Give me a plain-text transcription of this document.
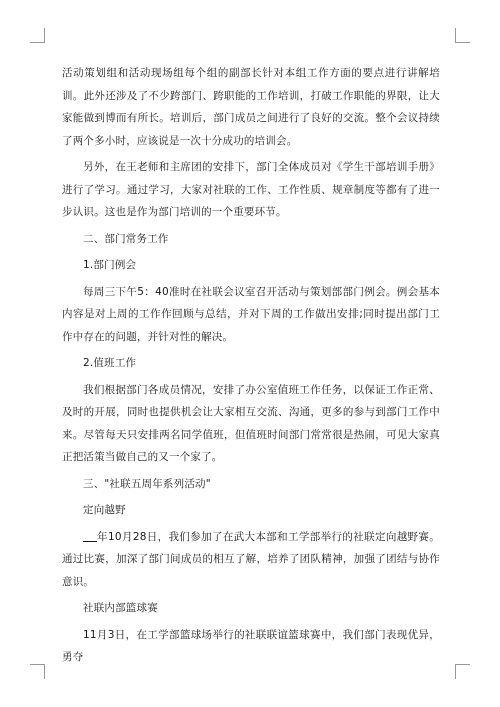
活动策划组和活动现场组每个组的副部长针对本组工作方面的要点进行讲解培训。此外还涉及了不少跨部门、跨职能的工作培训，打破工作职能的界限，让大家能做到博而有所长。培训后，部门成员之间进行了良好的交流。整个会议持续了两个多小时，应该说是一次十分成功的培训会。

另外，在王老师和主席团的安排下，部门全体成员对《学生干部培训手册》进行了学习。通过学习，大家对社联的工作、工作性质、规章制度等都有了进一步认识。这也是作为部门培训的一个重要环节。

二、部门常务工作

1.部门例会

每周三下午5：40准时在社联会议室召开活动与策划部部门例会。例会基本内容是对上周的工作作回顾与总结，并对下周的工作做出安排;同时提出部门工作中存在的问题，并针对性的解决。

2.值班工作

我们根据部门各成员情况，安排了办公室值班工作任务，以保证工作正常、及时的开展，同时也提供机会让大家相互交流、沟通，更多的参与到部门工作中来。尽管每天只安排两名同学值班，但值班时间部门常常很是热闹，可见大家真正把活策当做自己的又一个家了。

三、"社联五周年系列活动"

定向越野

年10月28日，我们参加了在武大本部和工学部举行的社联定向越野赛。通过比赛，加深了部门间成员的相互了解，培养了团队精神，加强了团结与协作意识。

社联内部篮球赛

11月3日，在工学部篮球场举行的社联联谊篮球赛中，我们部门表现优异，勇夺
